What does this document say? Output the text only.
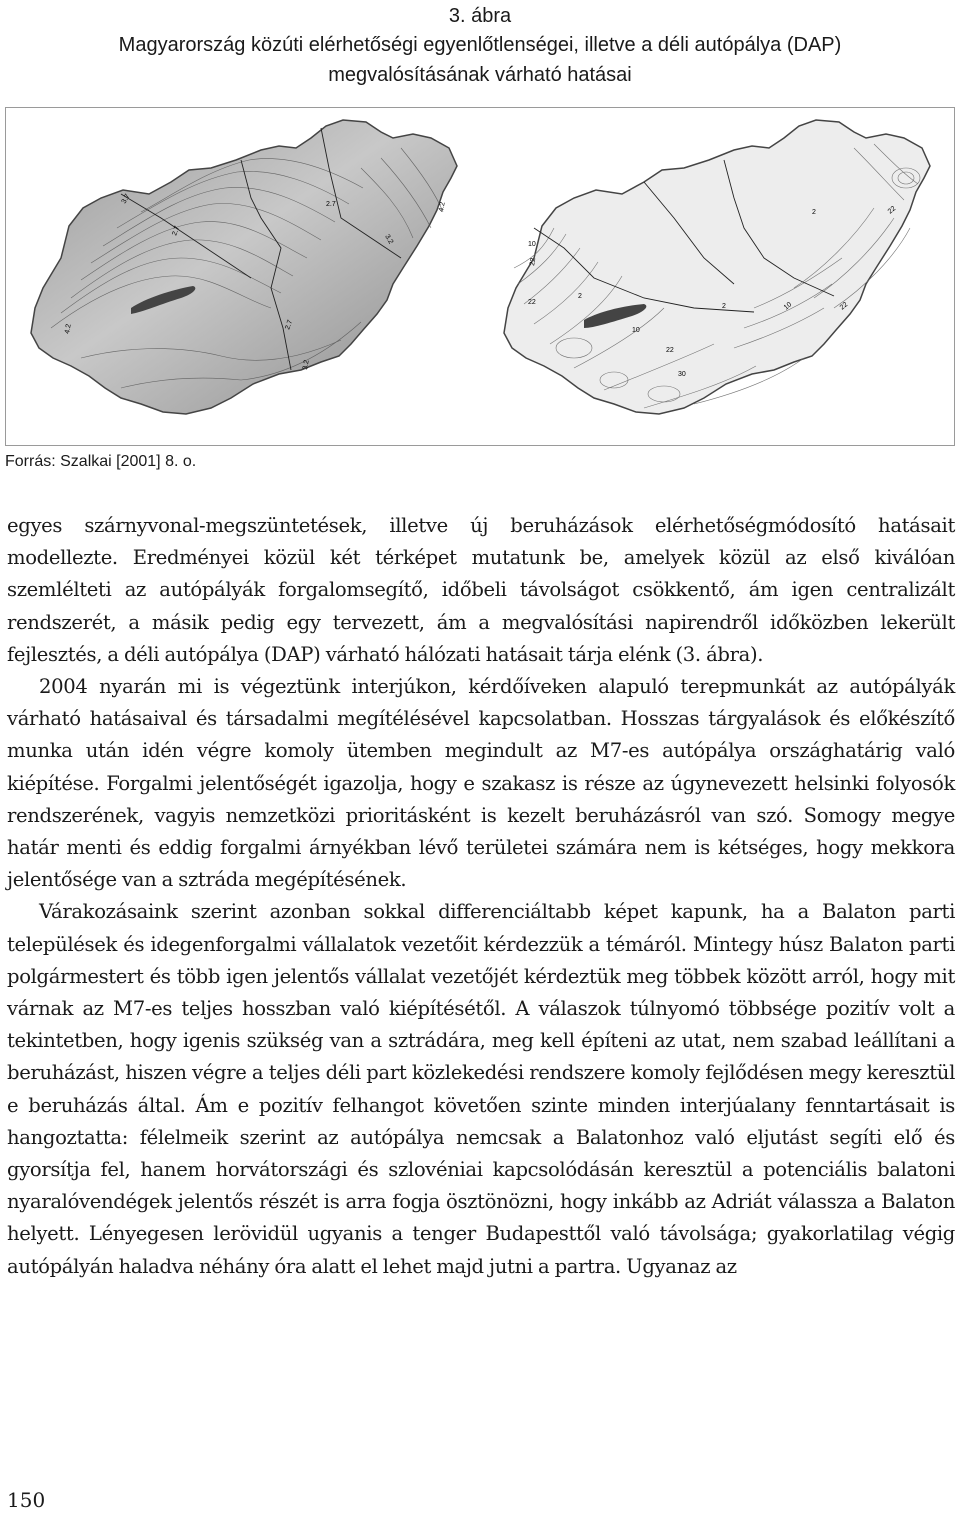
3. ábra
Magyarország közúti elérhetőségi egyenlőtlenségei, illetve a déli autópálya (DAP)
megvalósításának várható hatásai
3.7	2.7
2.7
3.2
4.2
4.2	2.7
3.2
10
22
22
2
2	10	22
10
22
30
2	22
Forrás: Szalkai [2001] 8. o.

egyes szárnyvonal-megszüntetések, illetve új beruházások elérhetőségmódosító hatásait modellezte. Eredményei közül két térképet mutatunk be, amelyek közül az első kiválóan szemlélteti az autópályák forgalomsegítő, időbeli távolságot csökkentő, ám igen centralizált rendszerét, a másik pedig egy tervezett, ám a megvalósítási napirendről időközben lekerült fejlesztés, a déli autópálya (DAP) várható hálózati hatásait tárja elénk (3. ábra).

2004 nyarán mi is végeztünk interjúkon, kérdőíveken alapuló terepmunkát az autópályák várható hatásaival és társadalmi megítélésével kapcsolatban. Hosszas tárgyalások és előkészítő munka után idén végre komoly ütemben megindult az M7-es autópálya országhatárig való kiépítése. Forgalmi jelentőségét igazolja, hogy e szakasz is része az úgynevezett helsinki folyosók rendszerének, vagyis nemzetközi prioritásként is kezelt beruházásról van szó. Somogy megye határ menti és eddig forgalmi árnyékban lévő területei számára nem is kétséges, hogy mekkora jelentősége van a sztráda megépítésének.

Várakozásaink szerint azonban sokkal differenciáltabb képet kapunk, ha a Balaton parti települések és idegenforgalmi vállalatok vezetőit kérdezzük a témáról. Mintegy húsz Balaton parti polgármestert és több igen jelentős vállalat vezetőjét kérdeztük meg többek között arról, hogy mit várnak az M7-es teljes hosszban való kiépítésétől. A válaszok túlnyomó többsége pozitív volt a tekintetben, hogy igenis szükség van a sztrádára, meg kell építeni az utat, nem szabad leállítani a beruházást, hiszen végre a teljes déli part közlekedési rendszere komoly fejlődésen megy keresztül e beruházás által. Ám e pozitív felhangot követően szinte minden interjúalany fenntartásait is hangoztatta: félelmeik szerint az autópálya nemcsak a Balatonhoz való eljutást segíti elő és gyorsítja fel, hanem horvátországi és szlovéniai kapcsolódásán keresztül a potenciális balatoni nyaralóvendégek jelentős részét is arra fogja ösztönözni, hogy inkább az Adriát válassza a Balaton helyett. Lényegesen lerövidül ugyanis a tenger Budapesttől való távolsága; gyakorlatilag végig autópályán haladva néhány óra alatt el lehet majd jutni a partra. Ugyanaz az

150
